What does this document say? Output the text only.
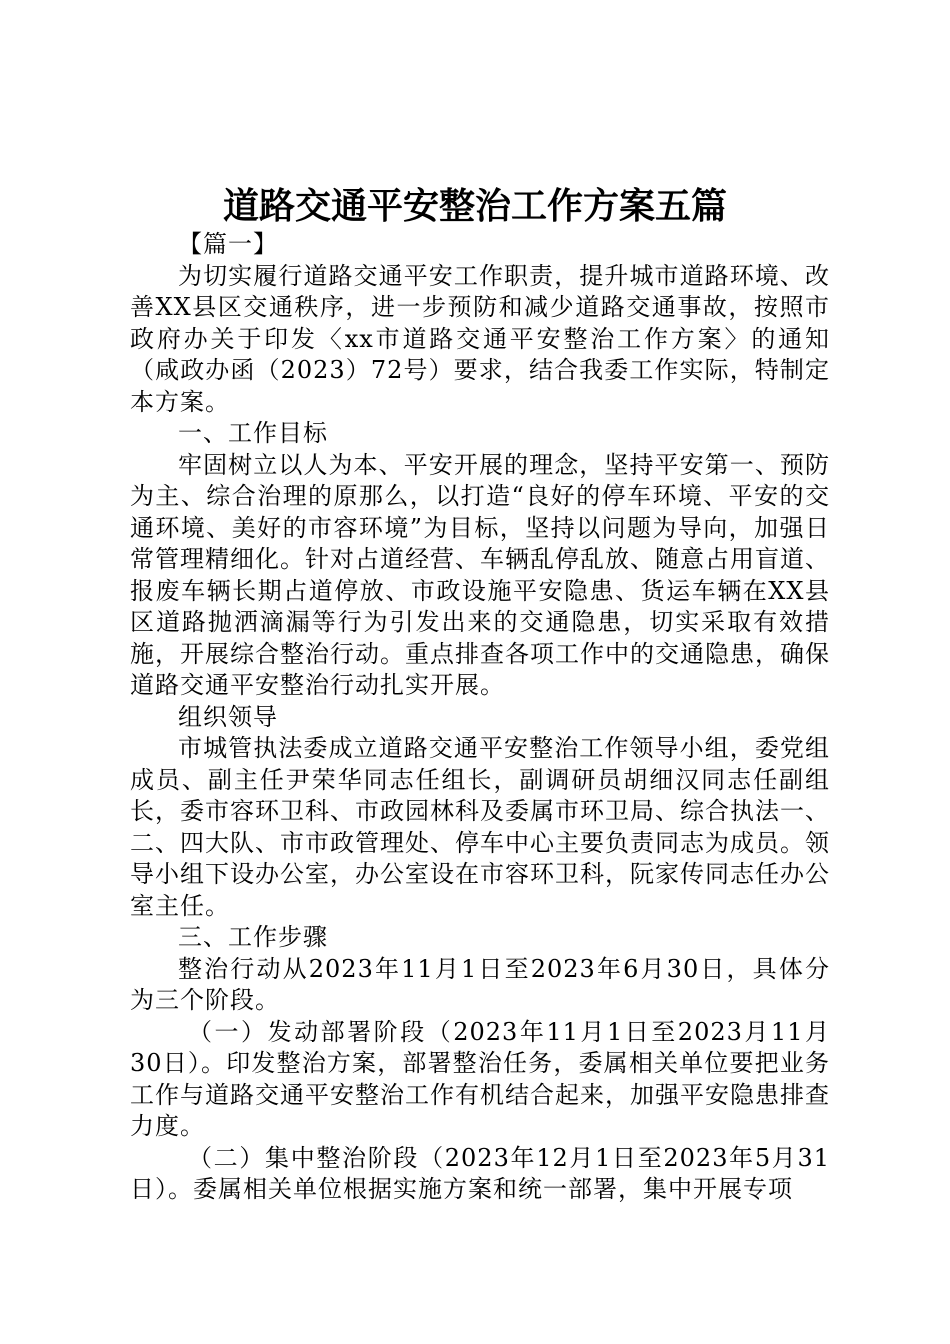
道路交通平安整治工作方案五篇

【篇一】

为切实履行道路交通平安工作职责，提升城市道路环境、改善XX县区交通秩序，进一步预防和减少道路交通事故，按照市政府办关于印发〈xx市道路交通平安整治工作方案〉的通知（咸政办函（2023）72号）要求，结合我委工作实际，特制定本方案。

一、工作目标

牢固树立以人为本、平安开展的理念，坚持平安第一、预防为主、综合治理的原那么，以打造“良好的停车环境、平安的交通环境、美好的市容环境”为目标，坚持以问题为导向，加强日常管理精细化。针对占道经营、车辆乱停乱放、随意占用盲道、报废车辆长期占道停放、市政设施平安隐患、货运车辆在XX县区道路抛洒滴漏等行为引发出来的交通隐患，切实采取有效措施，开展综合整治行动。重点排查各项工作中的交通隐患，确保道路交通平安整治行动扎实开展。

组织领导

市城管执法委成立道路交通平安整治工作领导小组，委党组成员、副主任尹荣华同志任组长，副调研员胡细汉同志任副组长，委市容环卫科、市政园林科及委属市环卫局、综合执法一、二、四大队、市市政管理处、停车中心主要负责同志为成员。领导小组下设办公室，办公室设在市容环卫科，阮家传同志任办公室主任。

三、工作步骤

整治行动从2023年11月1日至2023年6月30日，具体分为三个阶段。

（一）发动部署阶段（2023年11月1日至2023月11月30日）。印发整治方案，部署整治任务，委属相关单位要把业务工作与道路交通平安整治工作有机结合起来，加强平安隐患排查力度。

（二）集中整治阶段（2023年12月1日至2023年5月31日）。委属相关单位根据实施方案和统一部署，集中开展专项
